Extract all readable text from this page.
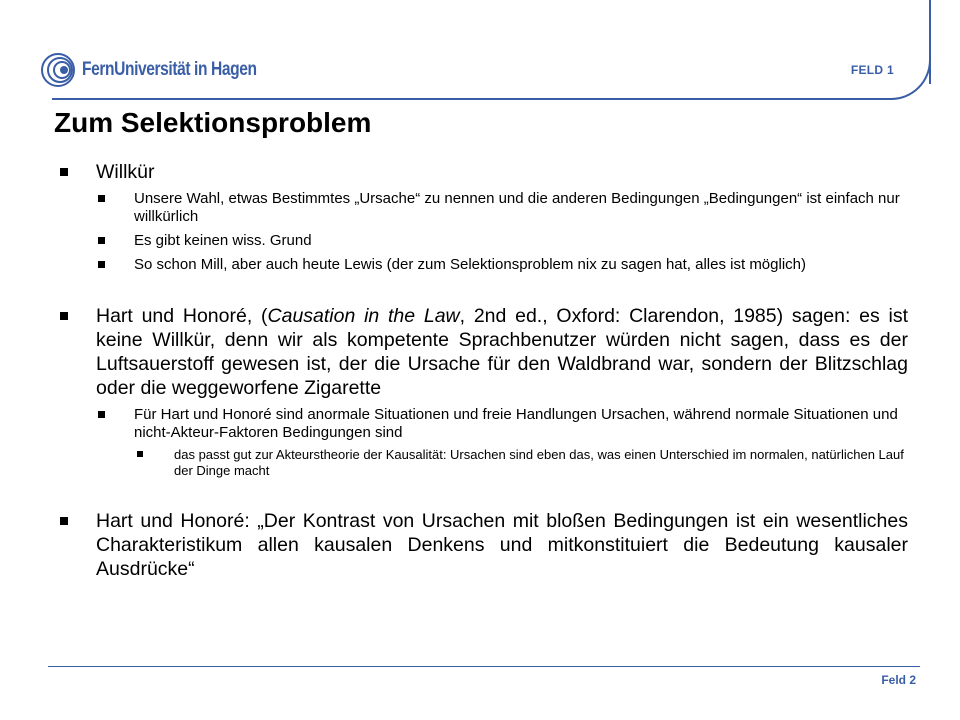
FernUniversität in Hagen	FELD 1
Zum Selektionsproblem
Willkür
Unsere Wahl, etwas Bestimmtes „Ursache“ zu nennen und die anderen Bedingungen „Bedingungen“ ist einfach nur willkürlich
Es gibt keinen wiss. Grund
So schon Mill, aber auch heute Lewis (der zum Selektionsproblem nix zu sagen hat, alles ist möglich)
Hart und Honoré, (Causation in the Law, 2nd ed., Oxford: Clarendon, 1985) sagen: es ist keine Willkür, denn wir als kompetente Sprachbenutzer würden nicht sagen, dass es der Luftsauerstoff gewesen ist, der die Ursache für den Waldbrand war, sondern der Blitzschlag oder die weggeworfene Zigarette
Für Hart und Honoré sind anormale Situationen und freie Handlungen Ursachen, während normale Situationen und nicht-Akteur-Faktoren Bedingungen sind
das passt gut zur Akteurstheorie der Kausalität: Ursachen sind eben das, was einen Unterschied im normalen, natürlichen Lauf der Dinge macht
Hart und Honoré: „Der Kontrast von Ursachen mit bloßen Bedingungen ist ein wesentliches Charakteristikum allen kausalen Denkens und mitkonstituiert die Bedeutung kausaler Ausdrücke“
Feld 2
